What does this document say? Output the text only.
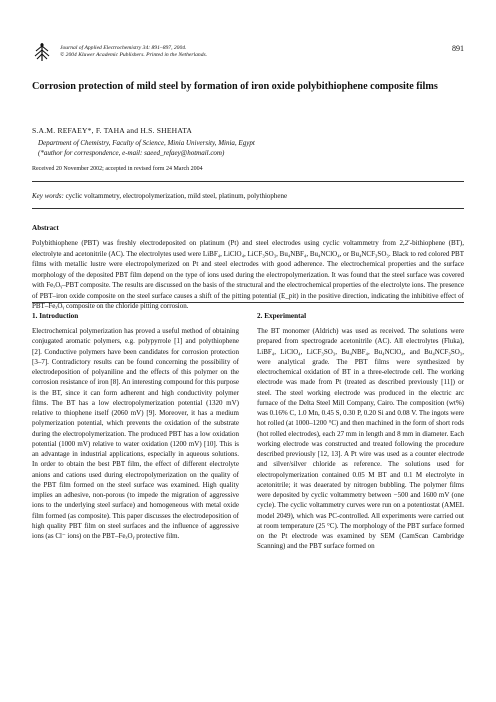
Journal of Applied Electrochemistry 34: 891–897, 2004.
© 2004 Kluwer Academic Publishers. Printed in the Netherlands.
891
Corrosion protection of mild steel by formation of iron oxide polybithiophene composite films
S.A.M. REFAEY*, F. TAHA and H.S. SHEHATA
Department of Chemistry, Faculty of Science, Minia University, Minia, Egypt
(*author for correspondence, e-mail: saeed_refaey@hotmail.com)
Received 20 November 2002; accepted in revised form 24 March 2004
Key words: cyclic voltammetry, electropolymerization, mild steel, platinum, polythiophene
Abstract

Polybithiophene (PBT) was freshly electrodeposited on platinum (Pt) and steel electrodes using cyclic voltammetry from 2,2′-bithiophene (BT), electrolyte and acetonitrile (AC). The electrolytes used were LiBF₄, LiClO₄, LiCF₃SO₃, Bu₄NBF₄, Bu₄NClO₄, or Bu₄NCF₃SO₃. Black to red colored PBT films with metallic lustre were electropolymerized on Pt and steel electrodes with good adherence. The electrochemical properties and the surface morphology of the deposited PBT film depend on the type of ions used during the electropolymerization. It was found that the steel surface was covered with FeₓOᵧ–PBT composite. The results are discussed on the basis of the structural and the electrochemical properties of the electrolyte ions. The presence of PBT–iron oxide composite on the steel surface causes a shift of the pitting potential (E_pit) in the positive direction, indicating the inhibitive effect of PBT–FeₓOᵧ composite on the chloride pitting corrosion.

1. Introduction

Electrochemical polymerization has proved a useful method of obtaining conjugated aromatic polymers, e.g. polypyrrole [1] and polythiophene [2]. Conductive polymers have been candidates for corrosion protection [3–7]. Contradictory results can be found concerning the possibility of electrodeposition of polyaniline and the effects of this polymer on the corrosion resistance of iron [8]. An interesting compound for this purpose is the BT, since it can form adherent and high conductivity polymer films. The BT has a low electropolymerization potential (1320 mV) relative to thiophene itself (2060 mV) [9]. Moreover, it has a medium polymerization potential, which prevents the oxidation of the substrate during the electropolymerization. The produced PBT has a low oxidation potential (1000 mV) relative to water oxidation (1200 mV) [10]. This is an advantage in industrial applications, especially in aqueous solutions. In order to obtain the best PBT film, the effect of different electrolyte anions and cations used during electropolymerization on the quality of the PBT film formed on the steel surface was examined. High quality implies an adhesive, non-porous (to impede the migration of aggressive ions to the underlying steel surface) and homogeneous with metal oxide film formed (as composite). This paper discusses the electrodeposition of high quality PBT film on steel surfaces and the influence of aggressive ions (as Cl⁻ ions) on the PBT–FeₓOᵧ protective film.

2. Experimental

The BT monomer (Aldrich) was used as received. The solutions were prepared from spectrograde acetonitrile (AC). All electrolytes (Fluka), LiBF₄, LiClO₄, LiCF₃SO₃, Bu₄NBF₄, Bu₄NClO₄, and Bu₄NCF₃SO₃, were analytical grade. The PBT films were synthesized by electrochemical oxidation of BT in a three-electrode cell. The working electrode was made from Pt (treated as described previously [11]) or steel. The steel working electrode was produced in the electric arc furnace of the Delta Steel Mill Company, Cairo. The composition (wt%) was 0.16% C, 1.0 Mn, 0.45 S, 0.30 P, 0.20 Si and 0.08 V. The ingots were hot rolled (at 1000–1200 °C) and then machined in the form of short rods (hot rolled electrodes), each 27 mm in length and 8 mm in diameter. Each working electrode was constructed and treated following the procedure described previously [12, 13]. A Pt wire was used as a counter electrode and silver/silver chloride as reference. The solutions used for electropolymerization contained 0.05 M BT and 0.1 M electrolyte in acetonitrile; it was deaerated by nitrogen bubbling. The polymer films were deposited by cyclic voltammetry between −500 and 1600 mV (one cycle). The cyclic voltammetry curves were run on a potentiostat (AMEL model 2049), which was PC-controlled. All experiments were carried out at room temperature (25 °C). The morphology of the PBT surface formed on the Pt electrode was examined by SEM (CamScan Cambridge Scanning) and the PBT surface formed on
